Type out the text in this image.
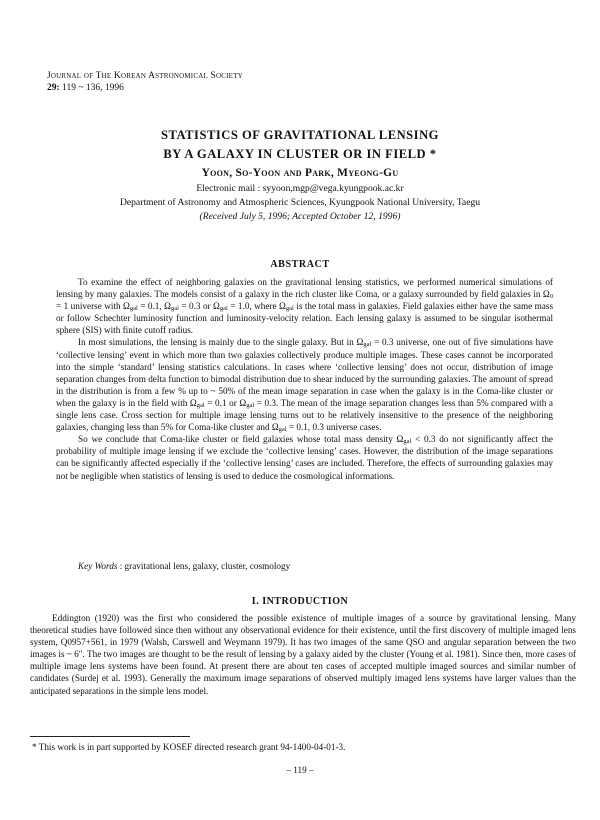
Journal of The Korean Astronomical Society
29: 119 ~ 136, 1996
STATISTICS OF GRAVITATIONAL LENSING
BY A GALAXY IN CLUSTER OR IN FIELD *
Yoon, So-Yoon and Park, Myeong-Gu
Electronic mail : syyoon,mgp@vega.kyungpook.ac.kr
Department of Astronomy and Atmospheric Sciences, Kyungpook National University, Taegu
(Received July 5, 1996; Accepted October 12, 1996)
ABSTRACT

To examine the effect of neighboring galaxies on the gravitational lensing statistics, we performed numerical simulations of lensing by many galaxies. The models consist of a galaxy in the rich cluster like Coma, or a galaxy surrounded by field galaxies in $\Omega_0 = 1$ universe with $\Omega_{gal} = 0.1$, $\Omega_{gal} = 0.3$ or $\Omega_{gal} = 1.0$, where $\Omega_{gal}$ is the total mass in galaxies. Field galaxies either have the same mass or follow Schechter luminosity function and luminosity-velocity relation. Each lensing galaxy is assumed to be singular isothermal sphere (SIS) with finite cutoff radius.

In most simulations, the lensing is mainly due to the single galaxy. But in $\Omega_{gal} = 0.3$ universe, one out of five simulations have ‘collective lensing’ event in which more than two galaxies collectively produce multiple images. These cases cannot be incorporated into the simple ‘standard’ lensing statistics calculations. In cases where ‘collective lensing’ does not occur, distribution of image separation changes from delta function to bimodal distribution due to shear induced by the surrounding galaxies. The amount of spread in the distribution is from a few % up to ~ 50% of the mean image separation in case when the galaxy is in the Coma-like cluster or when the galaxy is in the field with $\Omega_{gal} = 0.1$ or $\Omega_{gal} = 0.3$. The mean of the image separation changes less than 5% compared with a single lens case. Cross section for multiple image lensing turns out to be relatively insensitive to the presence of the neighboring galaxies, changing less than 5% for Coma-like cluster and $\Omega_{gal} = 0.1$, 0.3 universe cases.

So we conclude that Coma-like cluster or field galaxies whose total mass density $\Omega_{gal} < 0.3$ do not significantly affect the probability of multiple image lensing if we exclude the ‘collective lensing’ cases. However, the distribution of the image separations can be significantly affected especially if the ‘collective lensing’ cases are included. Therefore, the effects of surrounding galaxies may not be negligible when statistics of lensing is used to deduce the cosmological informations.

Key Words : gravitational lens, galaxy, cluster, cosmology
I. INTRODUCTION

Eddington (1920) was the first who considered the possible existence of multiple images of a source by gravitational lensing. Many theoretical studies have followed since then without any observational evidence for their existence, until the first discovery of multiple imaged lens system, Q0957+561, in 1979 (Walsh, Carswell and Weymann 1979). It has two images of the same QSO and angular separation between the two images is ~ 6″. The two images are thought to be the result of lensing by a galaxy aided by the cluster (Young et al. 1981). Since then, more cases of multiple image lens systems have been found. At present there are about ten cases of accepted multiple imaged sources and similar number of candidates (Surdej et al. 1993). Generally the maximum image separations of observed multiply imaged lens systems have larger values than the anticipated separations in the simple lens model.

* This work is in part supported by KOSEF directed research grant 94-1400-04-01-3.
– 119 –
